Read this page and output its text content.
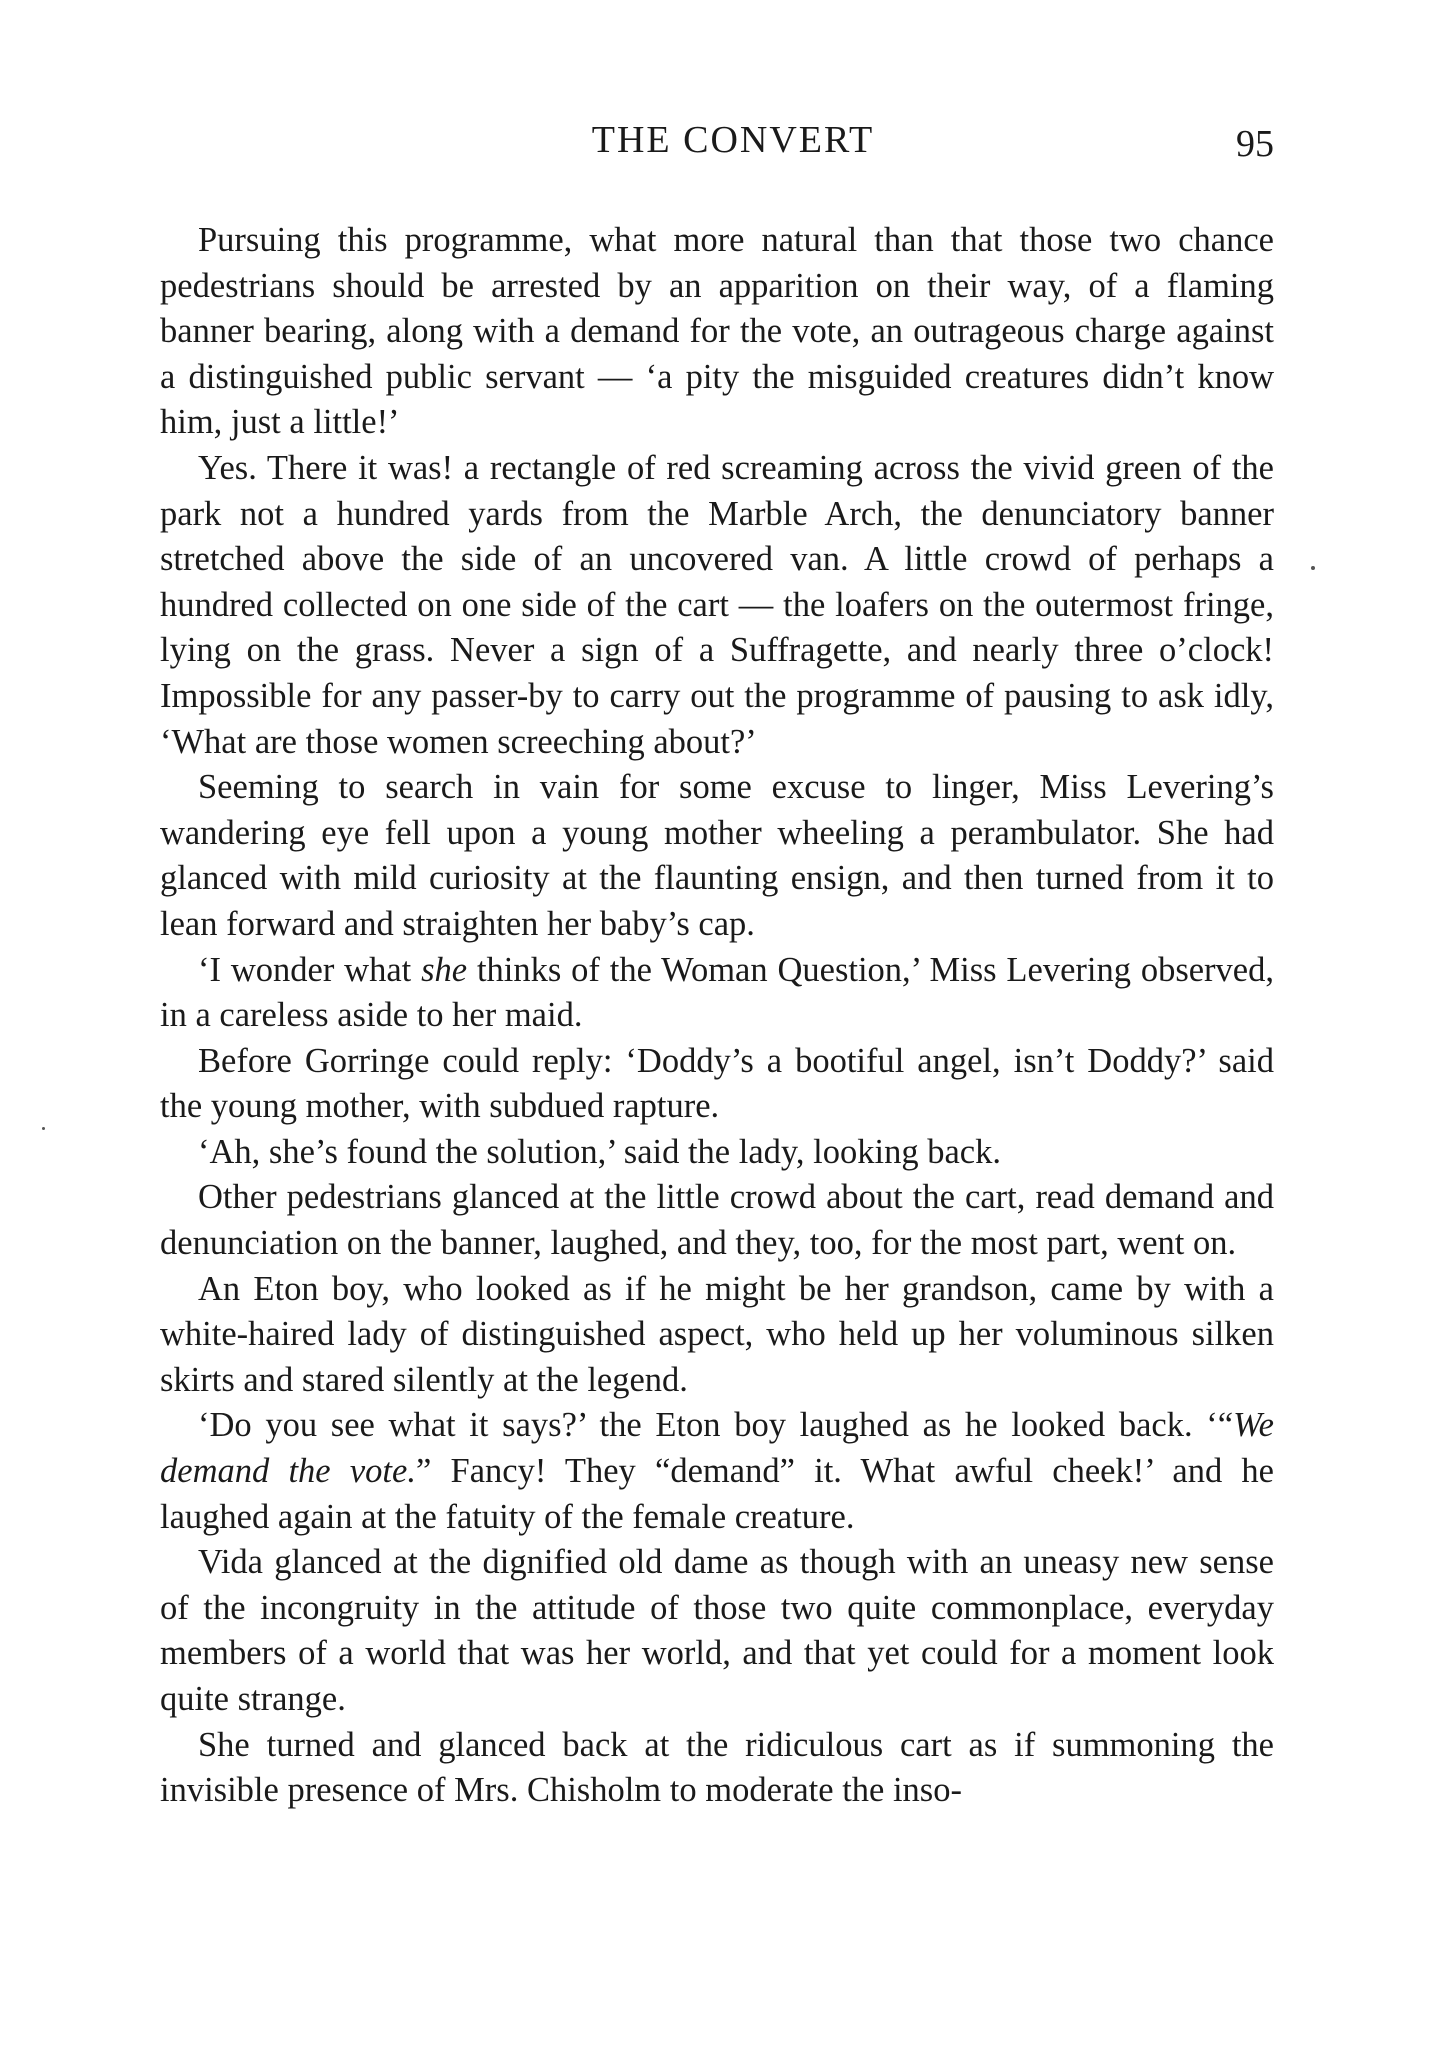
THE CONVERT	95

Pursuing this programme, what more natural than that those two chance pedestrians should be arrested by an apparition on their way, of a flaming banner bearing, along with a demand for the vote, an outrageous charge against a distinguished public servant — ‘a pity the misguided creatures didn’t know him, just a little!’

Yes. There it was! a rectangle of red screaming across the vivid green of the park not a hundred yards from the Marble Arch, the denunciatory banner stretched above the side of an uncovered van. A little crowd of perhaps a hundred collected on one side of the cart — the loafers on the outermost fringe, lying on the grass. Never a sign of a Suffragette, and nearly three o’clock! Impossible for any passer-by to carry out the programme of pausing to ask idly, ‘What are those women screeching about?’

Seeming to search in vain for some excuse to linger, Miss Levering’s wandering eye fell upon a young mother wheeling a perambulator. She had glanced with mild curiosity at the flaunting ensign, and then turned from it to lean forward and straighten her baby’s cap.

‘I wonder what she thinks of the Woman Question,’ Miss Levering observed, in a careless aside to her maid.

Before Gorringe could reply: ‘Doddy’s a bootiful angel, isn’t Doddy?’ said the young mother, with subdued rapture.

‘Ah, she’s found the solution,’ said the lady, looking back.

Other pedestrians glanced at the little crowd about the cart, read demand and denunciation on the banner, laughed, and they, too, for the most part, went on.

An Eton boy, who looked as if he might be her grandson, came by with a white-haired lady of distinguished aspect, who held up her voluminous silken skirts and stared silently at the legend.

‘Do you see what it says?’ the Eton boy laughed as he looked back. ‘“We demand the vote.” Fancy! They “demand” it. What awful cheek!’ and he laughed again at the fatuity of the female creature.

Vida glanced at the dignified old dame as though with an uneasy new sense of the incongruity in the attitude of those two quite commonplace, everyday members of a world that was her world, and that yet could for a moment look quite strange.

She turned and glanced back at the ridiculous cart as if summoning the invisible presence of Mrs. Chisholm to moderate the inso-
